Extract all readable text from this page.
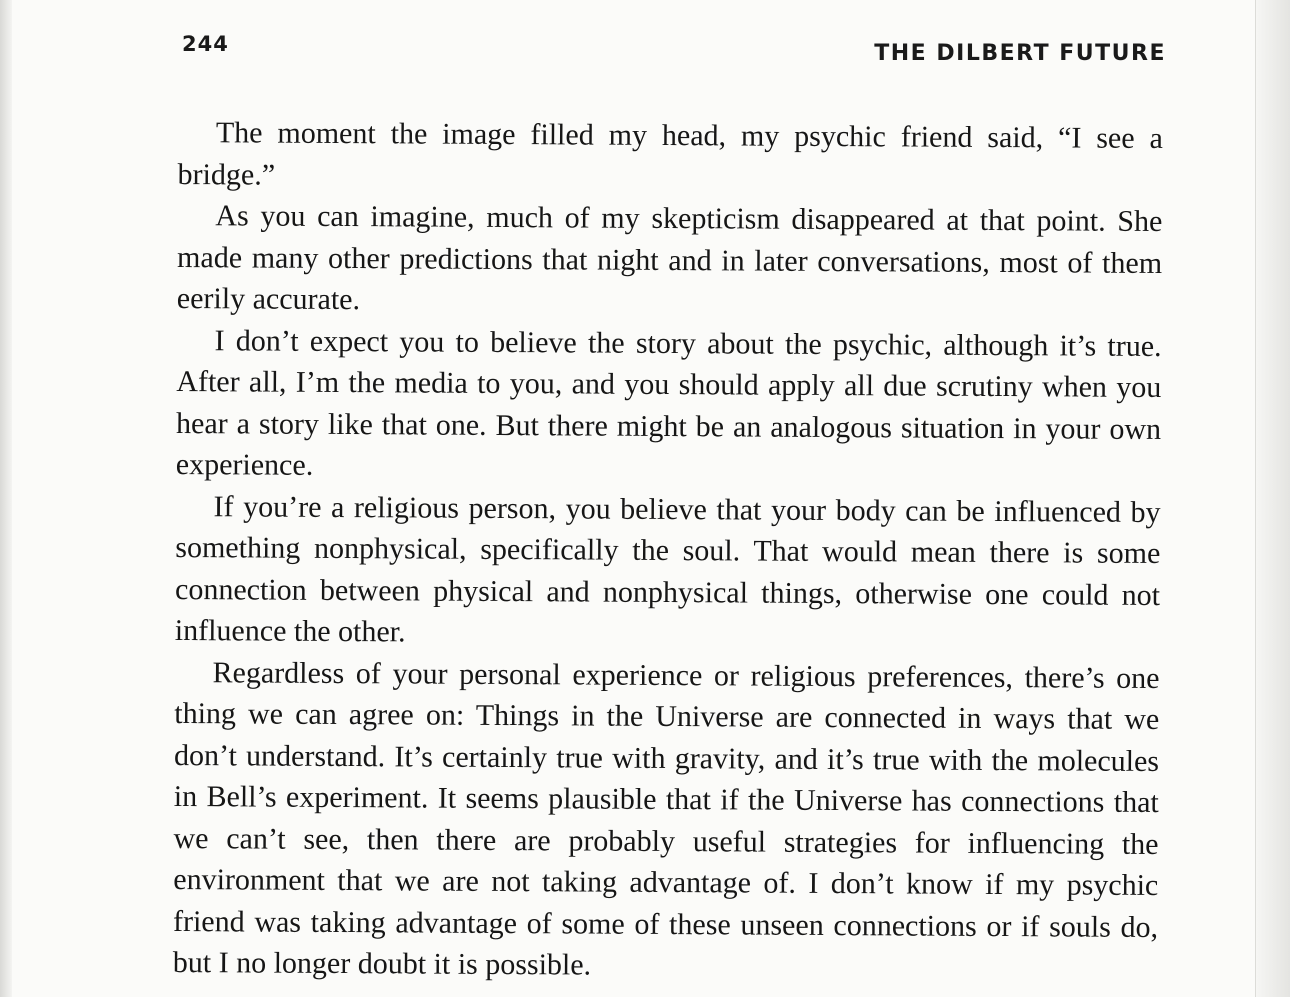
244	THE DILBERT FUTURE

The moment the image filled my head, my psychic friend said, “I see a bridge.”

As you can imagine, much of my skepticism disappeared at that point. She made many other predictions that night and in later conversations, most of them eerily accurate.

I don’t expect you to believe the story about the psychic, although it’s true. After all, I’m the media to you, and you should apply all due scrutiny when you hear a story like that one. But there might be an analogous situation in your own experience.

If you’re a religious person, you believe that your body can be influenced by something nonphysical, specifically the soul. That would mean there is some connection between physical and nonphysical things, otherwise one could not influence the other.

Regardless of your personal experience or religious preferences, there’s one thing we can agree on: Things in the Universe are connected in ways that we don’t understand. It’s certainly true with gravity, and it’s true with the molecules in Bell’s experiment. It seems plausible that if the Universe has connections that we can’t see, then there are probably useful strategies for influencing the environment that we are not taking advantage of. I don’t know if my psychic friend was taking advantage of some of these unseen connections or if souls do, but I no longer doubt it is possible.
